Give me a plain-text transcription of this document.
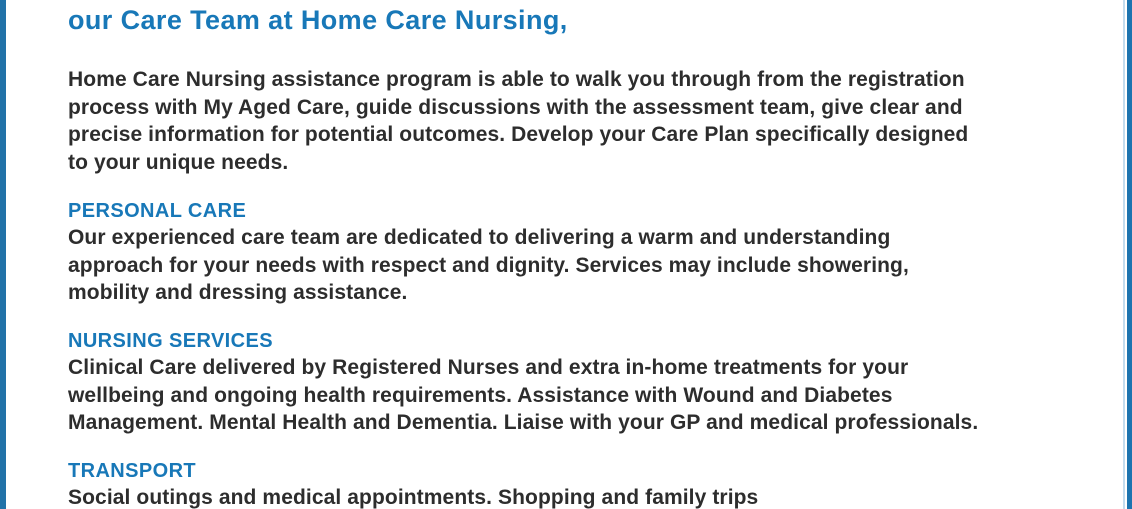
our Care Team at Home Care Nursing,
Home Care Nursing assistance program is able to walk you through from the registration
process with My Aged Care, guide discussions with the assessment team, give clear and
precise information for potential outcomes. Develop your Care Plan specifically designed
to your unique needs.
PERSONAL CARE
Our experienced care team are dedicated to delivering a warm and understanding
approach for your needs with respect and dignity. Services may include showering,
mobility and dressing assistance.
NURSING SERVICES
Clinical Care delivered by Registered Nurses and extra in-home treatments for your
wellbeing and ongoing health requirements. Assistance with Wound and Diabetes
Management. Mental Health and Dementia. Liaise with your GP and medical professionals.
TRANSPORT
Social outings and medical appointments. Shopping and family trips
